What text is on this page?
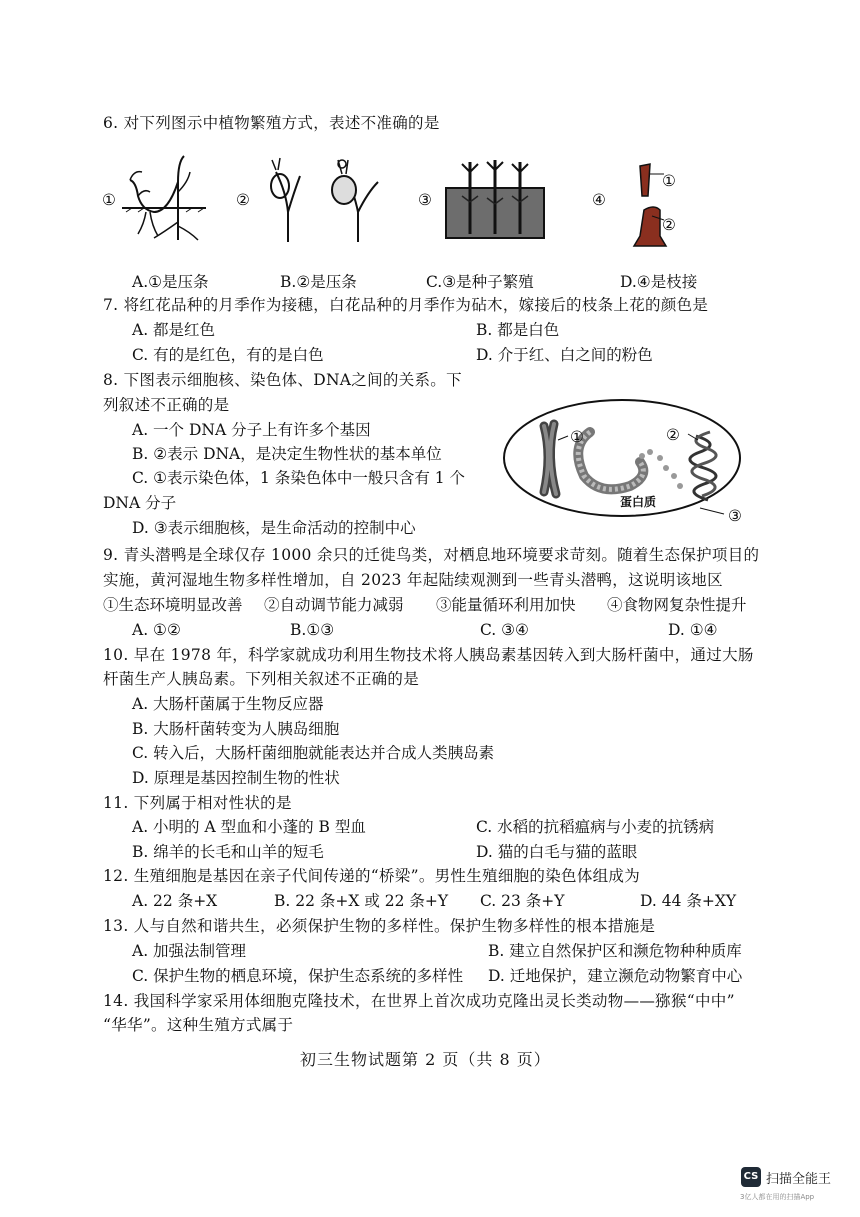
6. 对下列图示中植物繁殖方式，表述不准确的是
①	②	③	④
①
②
A.①是压条	B.②是压条	C.③是种子繁殖	D.④是枝接
7. 将红花品种的月季作为接穗，白花品种的月季作为砧木，嫁接后的枝条上花的颜色是
A. 都是红色	B. 都是白色
C. 有的是红色，有的是白色	D. 介于红、白之间的粉色
8. 下图表示细胞核、染色体、DNA之间的关系。下
列叙述不正确的是
A. 一个 DNA 分子上有许多个基因
B. ②表示 DNA，是决定生物性状的基本单位
C. ①表示染色体，1 条染色体中一般只含有 1 个
DNA 分子
D. ③表示细胞核，是生命活动的控制中心
①	②
③
蛋白质
9. 青头潜鸭是全球仅存 1000 余只的迁徙鸟类，对栖息地环境要求苛刻。随着生态保护项目的
实施，黄河湿地生物多样性增加，自 2023 年起陆续观测到一些青头潜鸭，这说明该地区
①生态环境明显改善 ②自动调节能力减弱 ③能量循环利用加快 ④食物网复杂性提升
A. ①②	B.①③	C. ③④	D. ①④
10. 早在 1978 年，科学家就成功利用生物技术将人胰岛素基因转入到大肠杆菌中，通过大肠
杆菌生产人胰岛素。下列相关叙述不正确的是
A. 大肠杆菌属于生物反应器
B. 大肠杆菌转变为人胰岛细胞
C. 转入后，大肠杆菌细胞就能表达并合成人类胰岛素
D. 原理是基因控制生物的性状
11. 下列属于相对性状的是
A. 小明的 A 型血和小蓬的 B 型血	C. 水稻的抗稻瘟病与小麦的抗锈病
B. 绵羊的长毛和山羊的短毛	D. 猫的白毛与猫的蓝眼
12. 生殖细胞是基因在亲子代间传递的“桥梁”。男性生殖细胞的染色体组成为
A. 22 条+X	B. 22 条+X 或 22 条+Y C. 23 条+Y	D. 44 条+XY
13. 人与自然和谐共生，必须保护生物的多样性。保护生物多样性的根本措施是
A. 加强法制管理	B. 建立自然保护区和濒危物种种质库
C. 保护生物的栖息环境，保护生态系统的多样性 D. 迁地保护，建立濒危动物繁育中心
14. 我国科学家采用体细胞克隆技术，在世界上首次成功克隆出灵长类动物——猕猴“中中”
“华华”。这种生殖方式属于
初三生物试题第 2 页（共 8 页）
CS 扫描全能王
3亿人都在用的扫描App
